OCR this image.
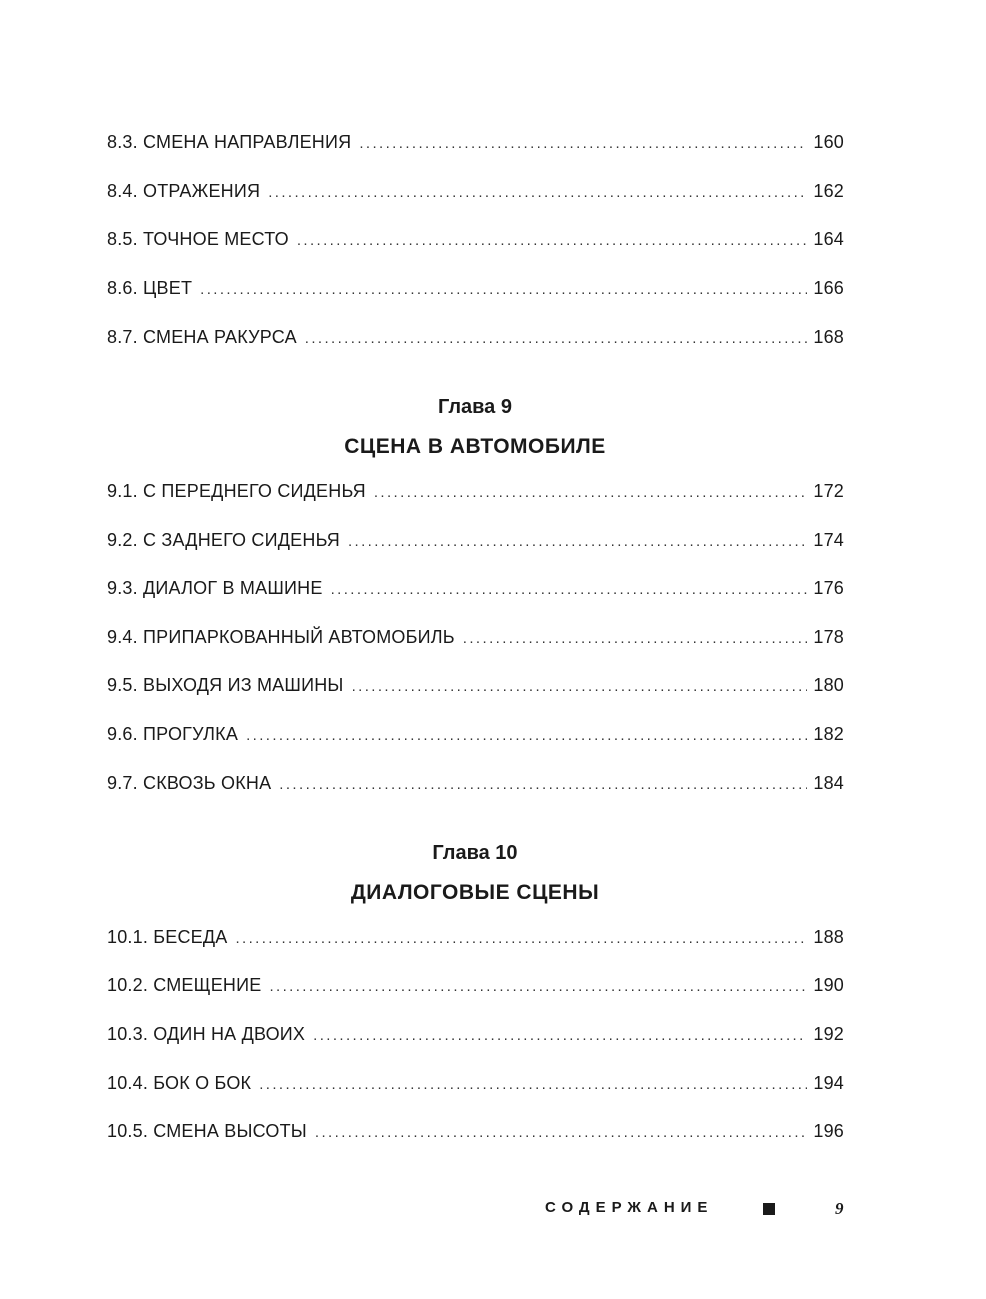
8.3. СМЕНА НАПРАВЛЕНИЯ .....	160
8.4. ОТРАЖЕНИЯ .....	162
8.5. ТОЧНОЕ МЕСТО .....	164
8.6. ЦВЕТ .....	166
8.7. СМЕНА РАКУРСА .....	168
Глава 9
СЦЕНА В АВТОМОБИЛЕ
9.1. С ПЕРЕДНЕГО СИДЕНЬЯ .....	172
9.2. С ЗАДНЕГО СИДЕНЬЯ .....	174
9.3. ДИАЛОГ В МАШИНЕ .....	176
9.4. ПРИПАРКОВАННЫЙ АВТОМОБИЛЬ .....	178
9.5. ВЫХОДЯ ИЗ МАШИНЫ .....	180
9.6. ПРОГУЛКА .....	182
9.7. СКВОЗЬ ОКНА .....	184
Глава 10
ДИАЛОГОВЫЕ СЦЕНЫ
10.1. БЕСЕДА .....	188
10.2. СМЕЩЕНИЕ .....	190
10.3. ОДИН НА ДВОИХ .....	192
10.4. БОК О БОК .....	194
10.5. СМЕНА ВЫСОТЫ .....	196
СОДЕРЖАНИЕ	9
